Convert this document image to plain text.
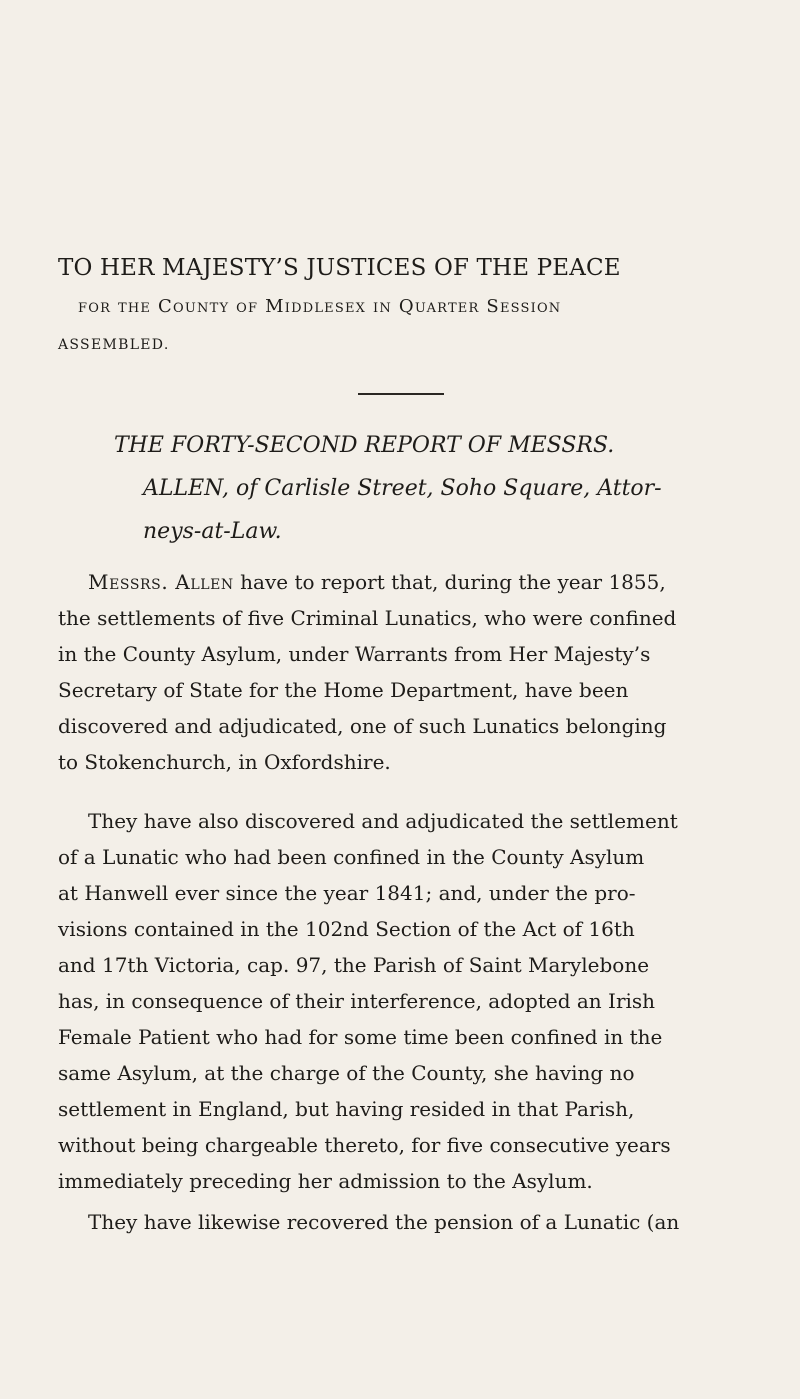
TO HER MAJESTY’S JUSTICES OF THE PEACE
for the County of Middlesex in Quarter Session
ASSEMBLED.
THE FORTY-SECOND REPORT OF MESSRS.
ALLEN, of Carlisle Street, Soho Square, Attor-
neys-at-Law.
Messrs. Allen have to report that, during the year 1855,
the settlements of five Criminal Lunatics, who were confined
in the County Asylum, under Warrants from Her Majesty’s
Secretary of State for the Home Department, have been
discovered and adjudicated, one of such Lunatics belonging
to Stokenchurch, in Oxfordshire.
They have also discovered and adjudicated the settlement
of a Lunatic who had been confined in the County Asylum
at Hanwell ever since the year 1841; and, under the pro-
visions contained in the 102nd Section of the Act of 16th
and 17th Victoria, cap. 97, the Parish of Saint Marylebone
has, in consequence of their interference, adopted an Irish
Female Patient who had for some time been confined in the
same Asylum, at the charge of the County, she having no
settlement in England, but having resided in that Parish,
without being chargeable thereto, for five consecutive years
immediately preceding her admission to the Asylum.
They have likewise recovered the pension of a Lunatic (an
